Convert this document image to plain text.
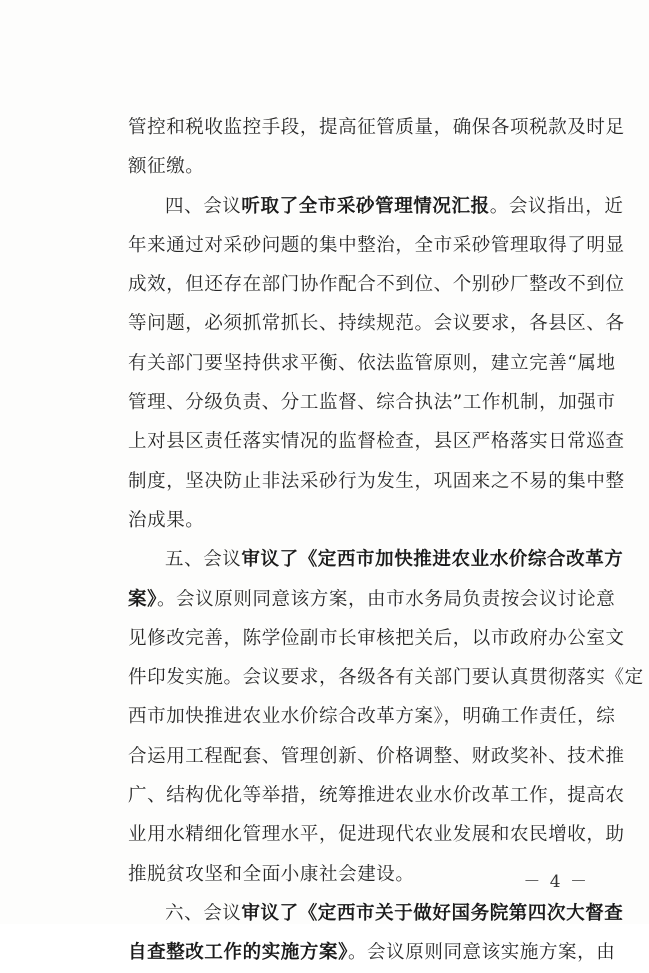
管控和税收监控手段，提高征管质量，确保各项税款及时足
额征缴。
四、会议听取了全市采砂管理情况汇报。会议指出，近
年来通过对采砂问题的集中整治，全市采砂管理取得了明显
成效，但还存在部门协作配合不到位、个别砂厂整改不到位
等问题，必须抓常抓长、持续规范。会议要求，各县区、各
有关部门要坚持供求平衡、依法监管原则，建立完善“属地
管理、分级负责、分工监督、综合执法”工作机制，加强市
上对县区责任落实情况的监督检查，县区严格落实日常巡查
制度，坚决防止非法采砂行为发生，巩固来之不易的集中整
治成果。
五、会议审议了《定西市加快推进农业水价综合改革方
案》。会议原则同意该方案，由市水务局负责按会议讨论意
见修改完善，陈学俭副市长审核把关后，以市政府办公室文
件印发实施。会议要求，各级各有关部门要认真贯彻落实《定
西市加快推进农业水价综合改革方案》，明确工作责任，综
合运用工程配套、管理创新、价格调整、财政奖补、技术推
广、结构优化等举措，统筹推进农业水价改革工作，提高农
业用水精细化管理水平，促进现代农业发展和农民增收，助
推脱贫攻坚和全面小康社会建设。
六、会议审议了《定西市关于做好国务院第四次大督查
自查整改工作的实施方案》。会议原则同意该实施方案，由
－ 4 －
